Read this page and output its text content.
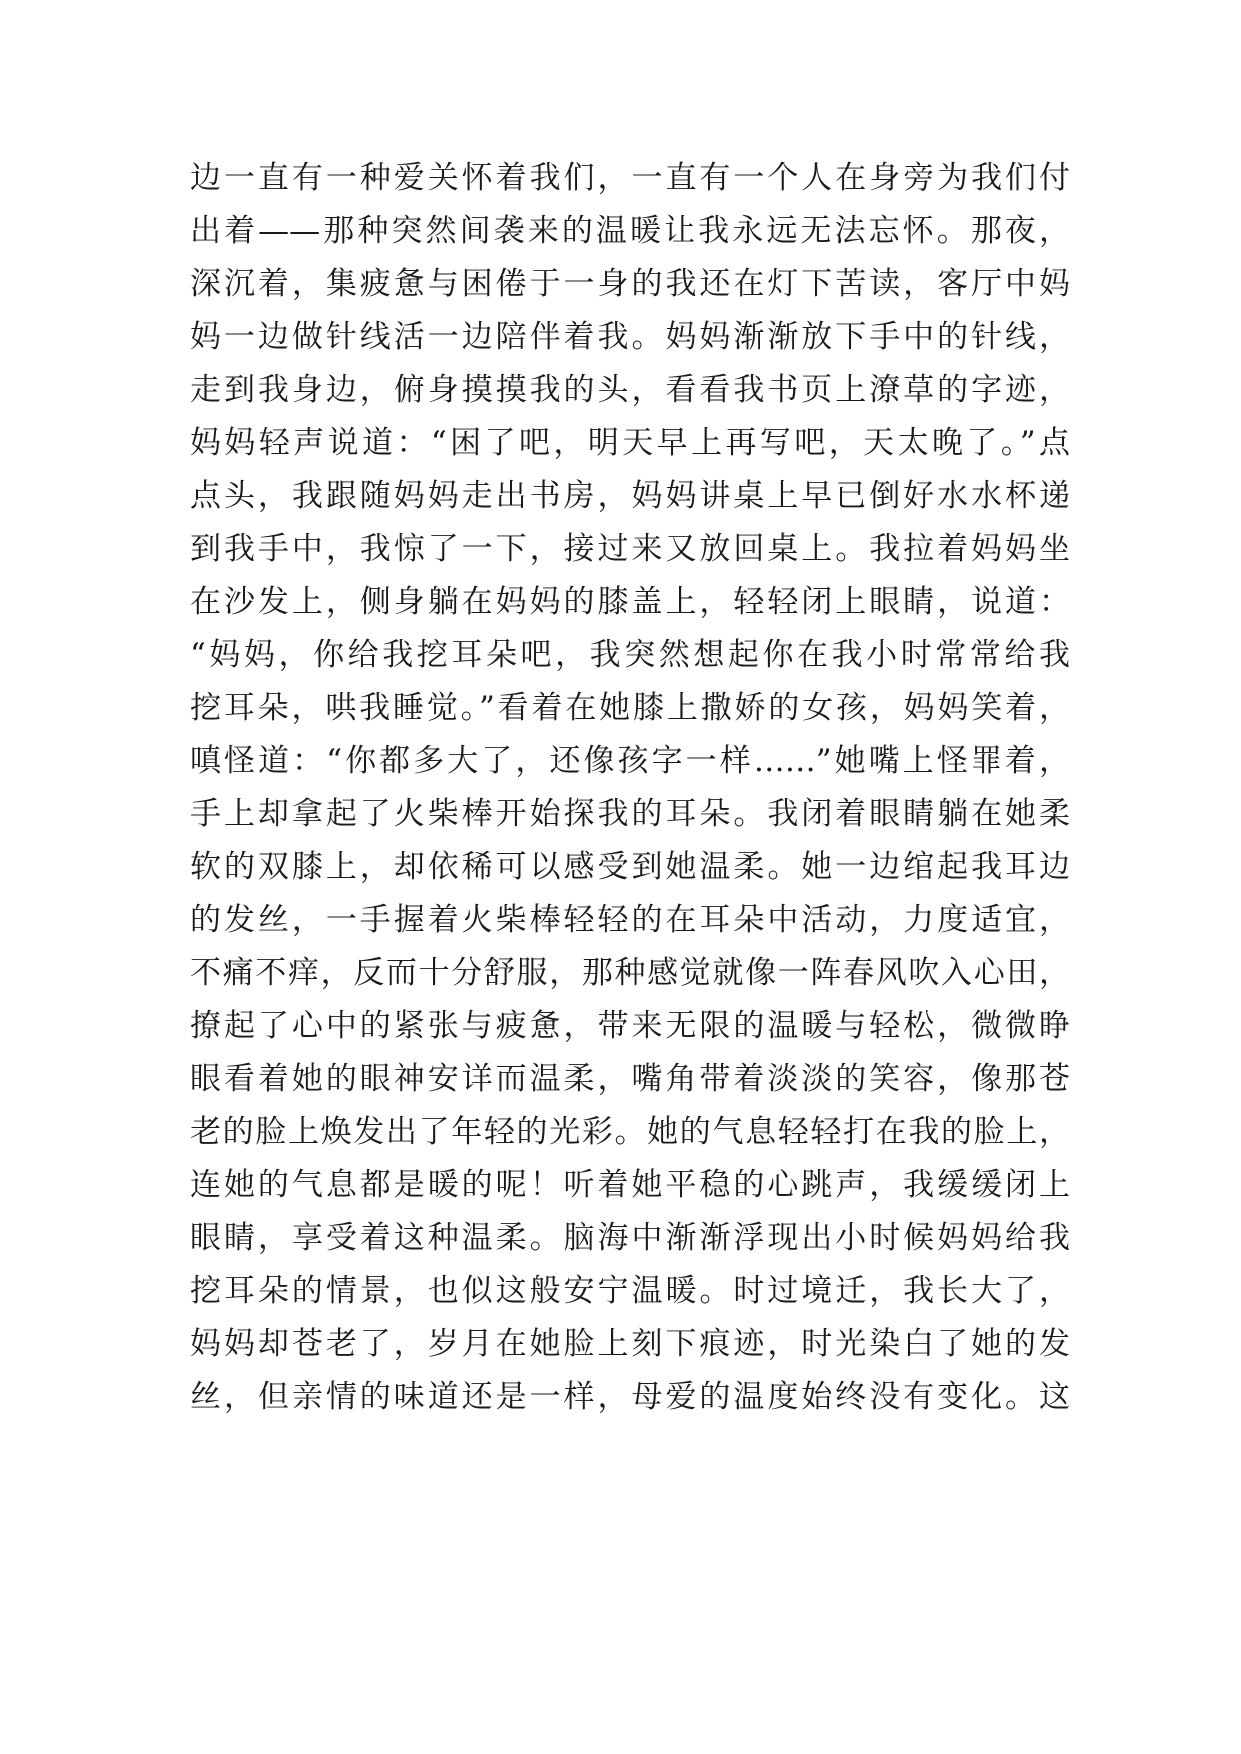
边一直有一种爱关怀着我们，一直有一个人在身旁为我们付
出着——那种突然间袭来的温暖让我永远无法忘怀。那夜，
深沉着，集疲惫与困倦于一身的我还在灯下苦读，客厅中妈
妈一边做针线活一边陪伴着我。妈妈渐渐放下手中的针线，
走到我身边，俯身摸摸我的头，看看我书页上潦草的字迹，
妈妈轻声说道：“困了吧，明天早上再写吧，天太晚了。”点
点头，我跟随妈妈走出书房，妈妈讲桌上早已倒好水水杯递
到我手中，我惊了一下，接过来又放回桌上。我拉着妈妈坐
在沙发上，侧身躺在妈妈的膝盖上，轻轻闭上眼睛，说道：
“妈妈，你给我挖耳朵吧，我突然想起你在我小时常常给我
挖耳朵，哄我睡觉。”看着在她膝上撒娇的女孩，妈妈笑着，
嗔怪道：“你都多大了，还像孩字一样……”她嘴上怪罪着，
手上却拿起了火柴棒开始探我的耳朵。我闭着眼睛躺在她柔
软的双膝上，却依稀可以感受到她温柔。她一边绾起我耳边
的发丝，一手握着火柴棒轻轻的在耳朵中活动，力度适宜，
不痛不痒，反而十分舒服，那种感觉就像一阵春风吹入心田，
撩起了心中的紧张与疲惫，带来无限的温暖与轻松，微微睁
眼看着她的眼神安详而温柔，嘴角带着淡淡的笑容，像那苍
老的脸上焕发出了年轻的光彩。她的气息轻轻打在我的脸上，
连她的气息都是暖的呢！听着她平稳的心跳声，我缓缓闭上
眼睛，享受着这种温柔。脑海中渐渐浮现出小时候妈妈给我
挖耳朵的情景，也似这般安宁温暖。时过境迁，我长大了，
妈妈却苍老了，岁月在她脸上刻下痕迹，时光染白了她的发
丝，但亲情的味道还是一样，母爱的温度始终没有变化。这
